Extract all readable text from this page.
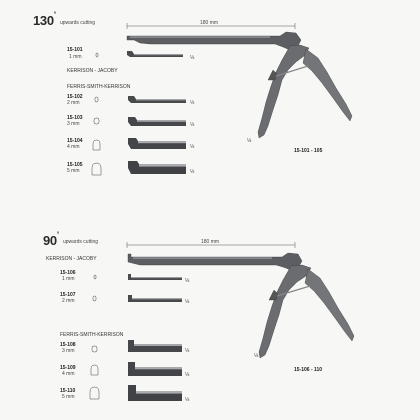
130°
upwards cutting	180 mm
15-101
1 mm
KERRISON - JACOBY
FERRIS-SMITH-KERRISON
15-102
2 mm
15-103
3 mm
15-104
4 mm
15-105
5 mm
⅛
⅛
⅛
⅛
⅛
⅛
15-101 - 105
90°
upwards cutting	180 mm
KERRISON - JACOBY
15-106
1 mm
15-107
2 mm
FERRIS-SMITH-KERRISON
15-108
3 mm
15-109
4 mm
15-110
5 mm
⅛
⅛
⅛
⅛
⅛
⅛
15-106 - 110
